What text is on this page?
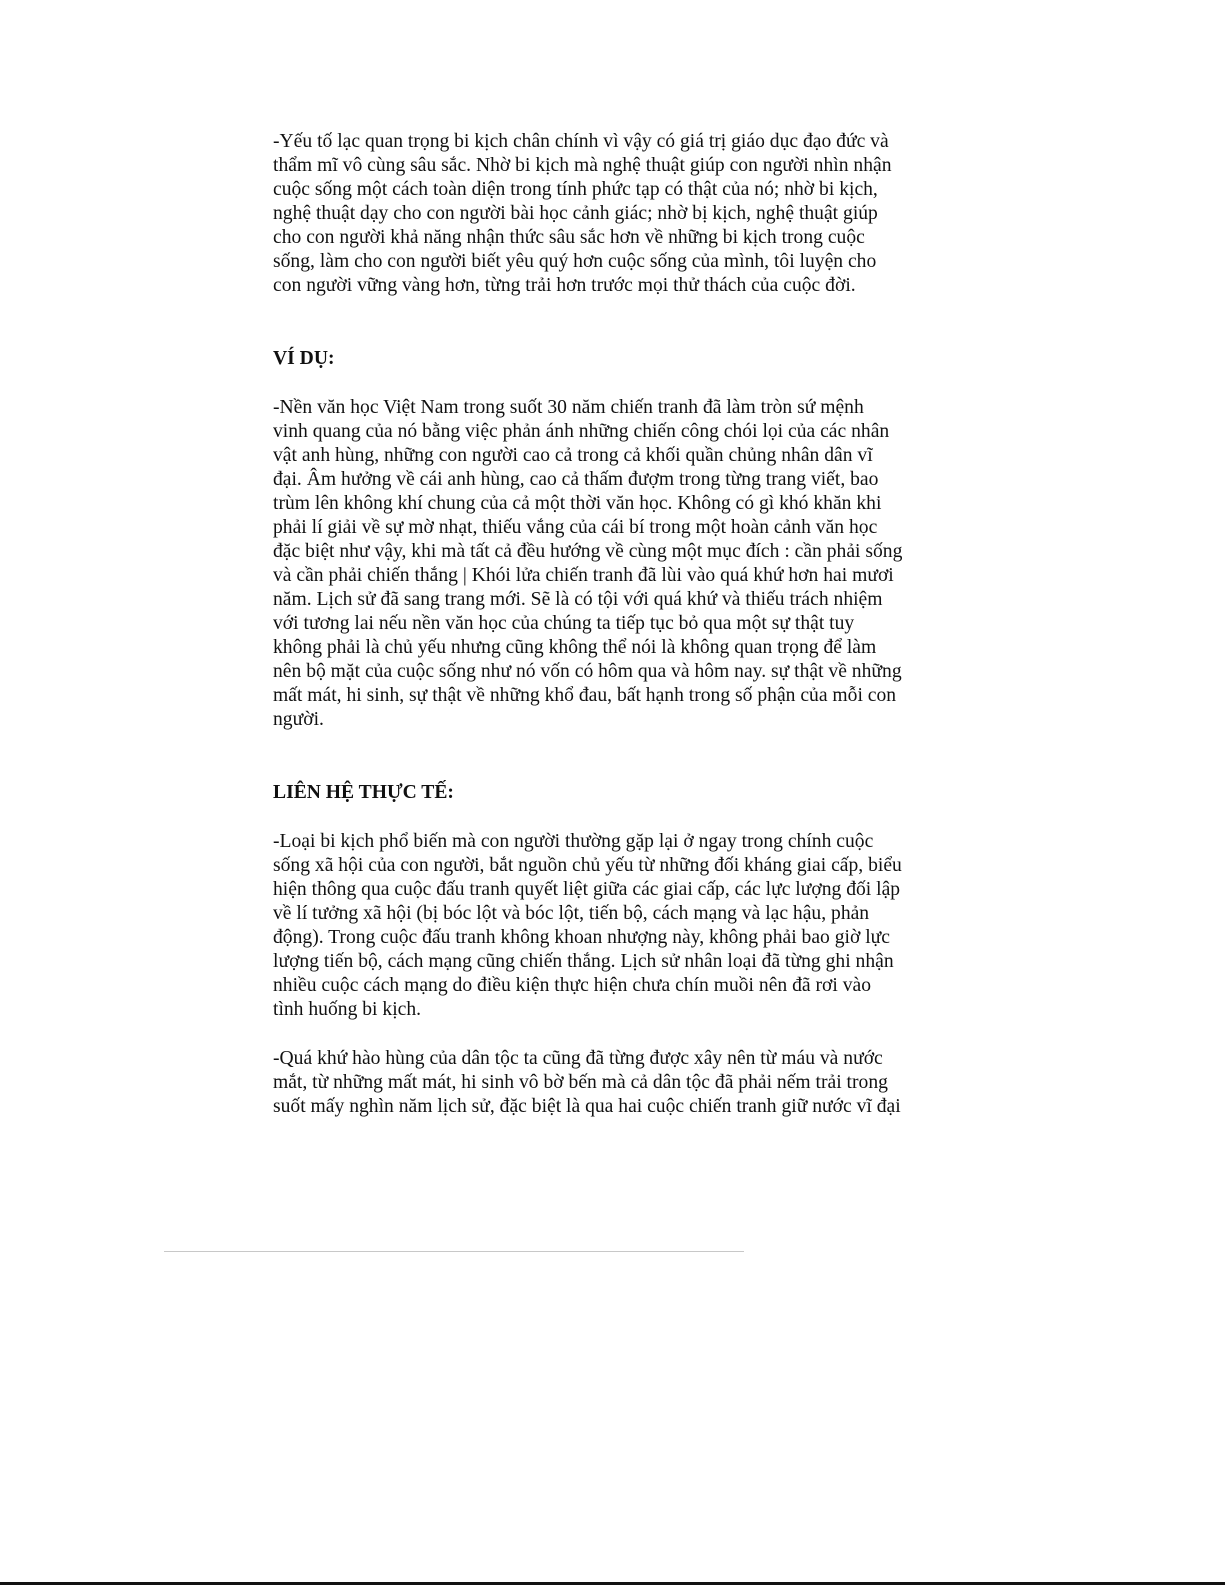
-Yếu tố lạc quan trọng bi kịch chân chính vì vậy có giá trị giáo dục đạo đức và
thẩm mĩ vô cùng sâu sắc. Nhờ bi kịch mà nghệ thuật giúp con người nhìn nhận
cuộc sống một cách toàn diện trong tính phức tạp có thật của nó; nhờ bi kịch,
nghệ thuật dạy cho con người bài học cảnh giác; nhờ bị kịch, nghệ thuật giúp
cho con người khả năng nhận thức sâu sắc hơn về những bi kịch trong cuộc
sống, làm cho con người biết yêu quý hơn cuộc sống của mình, tôi luyện cho
con người vững vàng hơn, từng trải hơn trước mọi thử thách của cuộc đời.

VÍ DỤ:

-Nền văn học Việt Nam trong suốt 30 năm chiến tranh đã làm tròn sứ mệnh
vinh quang của nó bằng việc phản ánh những chiến công chói lọi của các nhân
vật anh hùng, những con người cao cả trong cả khối quần chủng nhân dân vĩ
đại. Âm hưởng về cái anh hùng, cao cả thấm đượm trong từng trang viết, bao
trùm lên không khí chung của cả một thời văn học. Không có gì khó khăn khi
phải lí giải về sự mờ nhạt, thiếu vắng của cái bí trong một hoàn cảnh văn học
đặc biệt như vậy, khi mà tất cả đều hướng về cùng một mục đích : cần phải sống
và cần phải chiến thắng | Khói lửa chiến tranh đã lùi vào quá khứ hơn hai mươi
năm. Lịch sử đã sang trang mới. Sẽ là có tội với quá khứ và thiếu trách nhiệm
với tương lai nếu nền văn học của chúng ta tiếp tục bỏ qua một sự thật tuy
không phải là chủ yếu nhưng cũng không thể nói là không quan trọng để làm
nên bộ mặt của cuộc sống như nó vốn có hôm qua và hôm nay. sự thật về những
mất mát, hi sinh, sự thật về những khổ đau, bất hạnh trong số phận của mỗi con
người.

LIÊN HỆ THỰC TẾ:

-Loại bi kịch phổ biến mà con người thường gặp lại ở ngay trong chính cuộc
sống xã hội của con người, bắt nguồn chủ yếu từ những đối kháng giai cấp, biểu
hiện thông qua cuộc đấu tranh quyết liệt giữa các giai cấp, các lực lượng đối lập
về lí tưởng xã hội (bị bóc lột và bóc lột, tiến bộ, cách mạng và lạc hậu, phản
động). Trong cuộc đấu tranh không khoan nhượng này, không phải bao giờ lực
lượng tiến bộ, cách mạng cũng chiến thắng. Lịch sử nhân loại đã từng ghi nhận
nhiều cuộc cách mạng do điều kiện thực hiện chưa chín muồi nên đã rơi vào
tình huống bi kịch.

-Quá khứ hào hùng của dân tộc ta cũng đã từng được xây nên từ máu và nước
mắt, từ những mất mát, hi sinh vô bờ bến mà cả dân tộc đã phải nếm trải trong
suốt mấy nghìn năm lịch sử, đặc biệt là qua hai cuộc chiến tranh giữ nước vĩ đại
